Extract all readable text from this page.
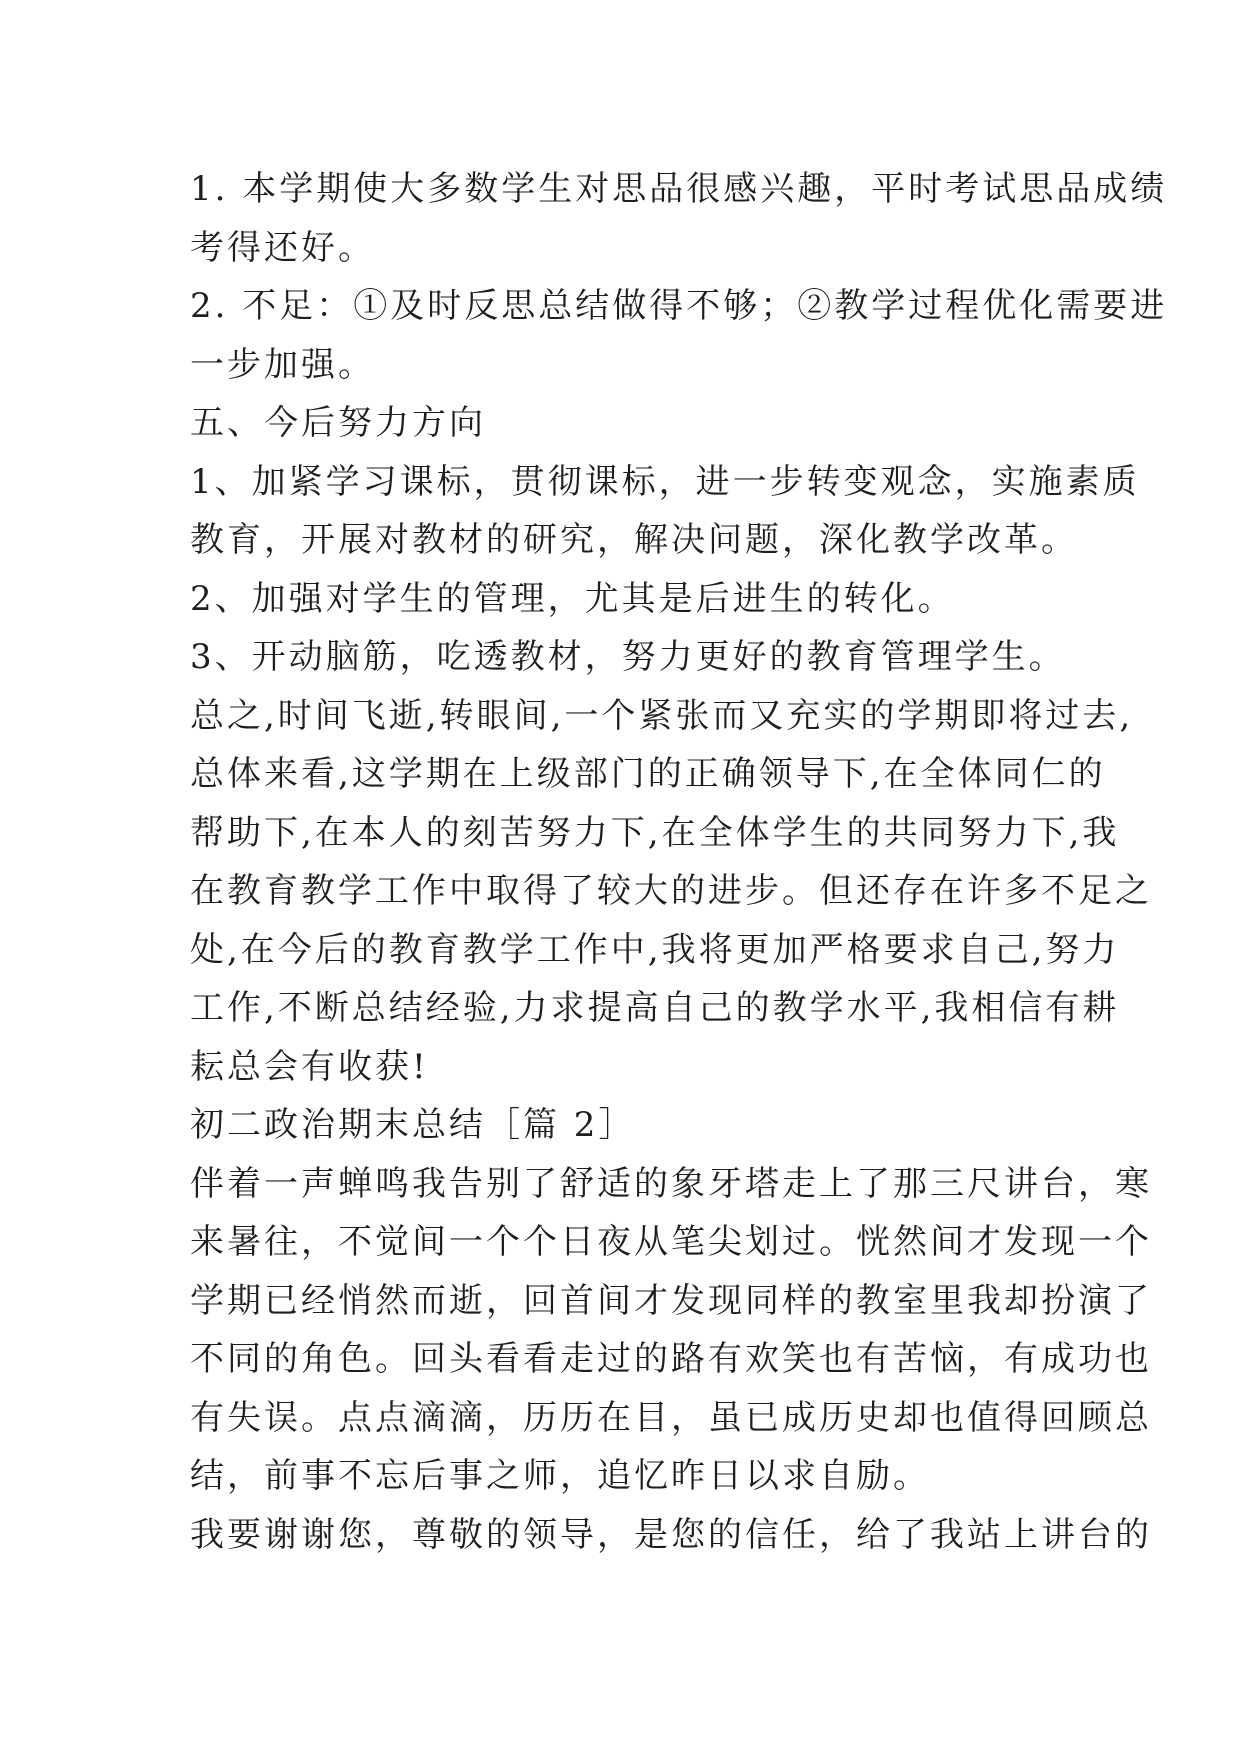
1. 本学期使大多数学生对思品很感兴趣，平时考试思品成绩
考得还好。

2. 不足：①及时反思总结做得不够；②教学过程优化需要进
一步加强。

五、今后努力方向

1、加紧学习课标，贯彻课标，进一步转变观念，实施素质
教育，开展对教材的研究，解决问题，深化教学改革。

2、加强对学生的管理，尤其是后进生的转化。

3、开动脑筋，吃透教材，努力更好的教育管理学生。

总之,时间飞逝,转眼间,一个紧张而又充实的学期即将过去,
总体来看,这学期在上级部门的正确领导下,在全体同仁的
帮助下,在本人的刻苦努力下,在全体学生的共同努力下,我
在教育教学工作中取得了较大的进步。但还存在许多不足之
处,在今后的教育教学工作中,我将更加严格要求自己,努力
工作,不断总结经验,力求提高自己的教学水平,我相信有耕
耘总会有收获!

初二政治期末总结［篇 2］

伴着一声蝉鸣我告别了舒适的象牙塔走上了那三尺讲台，寒
来暑往，不觉间一个个日夜从笔尖划过。恍然间才发现一个
学期已经悄然而逝，回首间才发现同样的教室里我却扮演了
不同的角色。回头看看走过的路有欢笑也有苦恼，有成功也
有失误。点点滴滴，历历在目，虽已成历史却也值得回顾总
结，前事不忘后事之师，追忆昨日以求自励。

我要谢谢您，尊敬的领导，是您的信任，给了我站上讲台的
